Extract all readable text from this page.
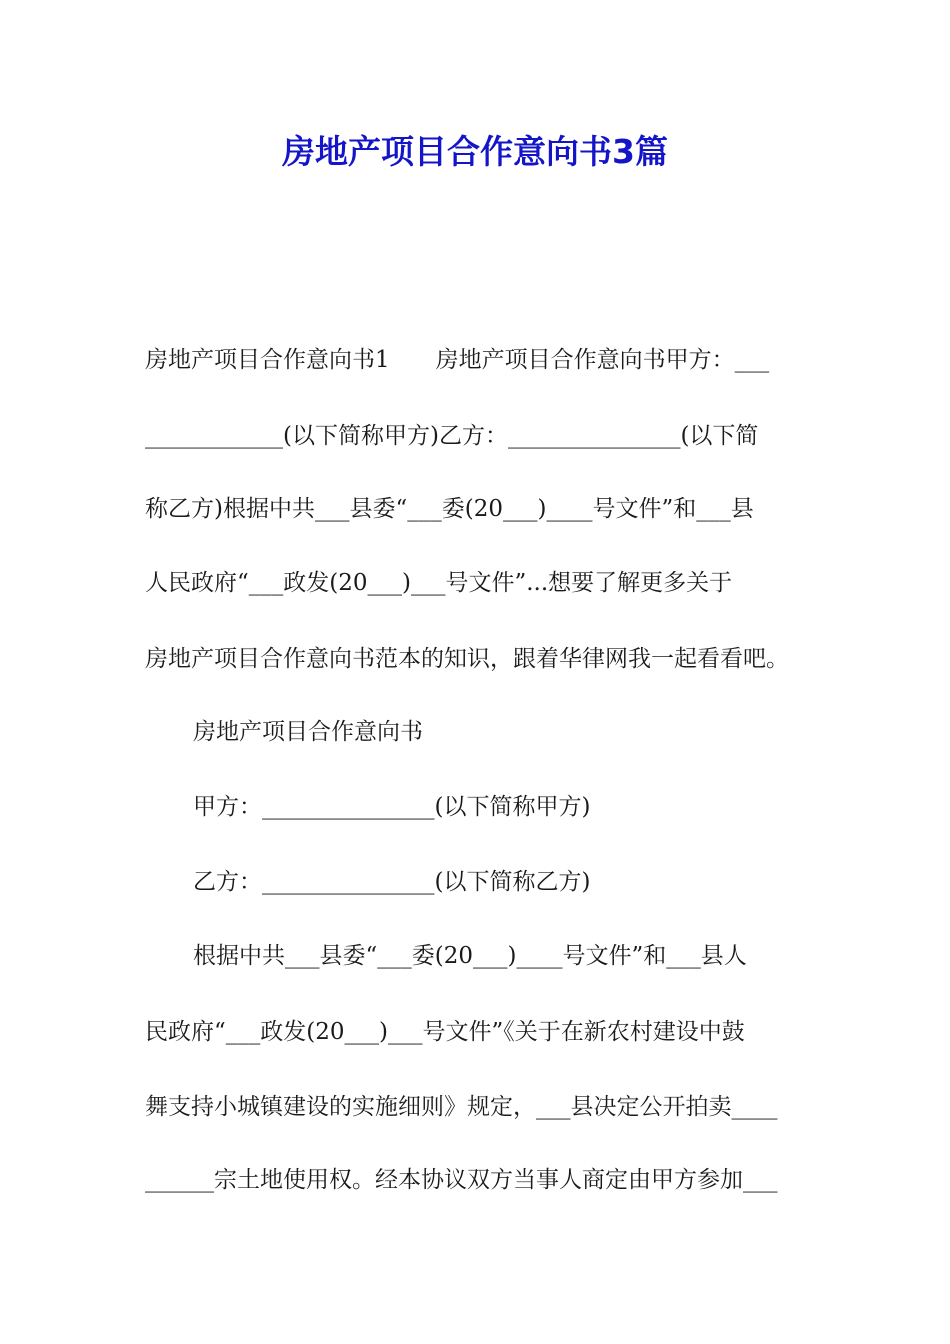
房地产项目合作意向书3篇

房地产项目合作意向书1　　房地产项目合作意向书甲方：___

____________(以下简称甲方)乙方：_______________(以下简

称乙方)根据中共___县委“___委(20___)____号文件”和___县

人民政府“___政发(20___)___号文件”...想要了解更多关于

房地产项目合作意向书范本的知识，跟着华律网我一起看看吧。

房地产项目合作意向书

甲方：_______________(以下简称甲方)

乙方：_______________(以下简称乙方)

根据中共___县委“___委(20___)____号文件”和___县人

民政府“___政发(20___)___号文件”《关于在新农村建设中鼓

舞支持小城镇建设的实施细则》规定，___县决定公开拍卖____

______宗土地使用权。经本协议双方当事人商定由甲方参加___
